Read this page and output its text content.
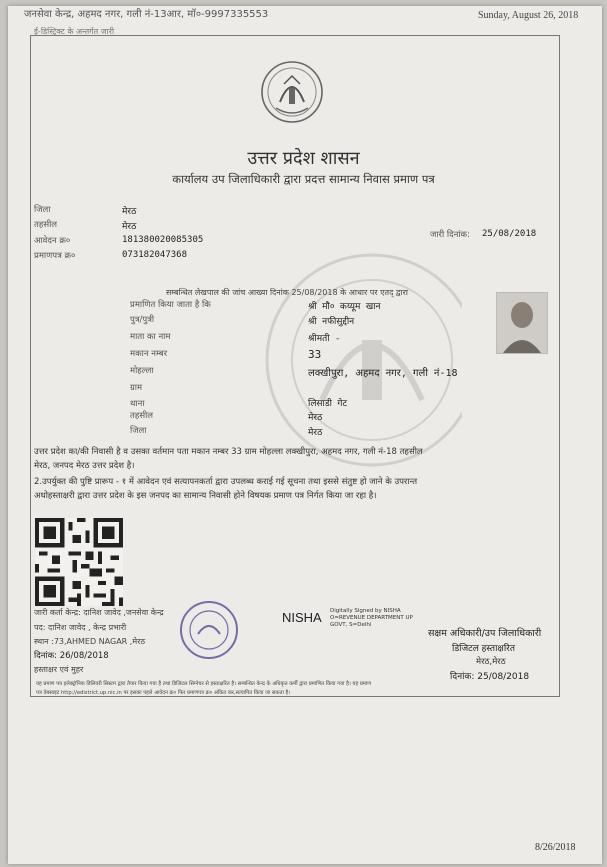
जनसेवा केन्द्र, अहमद नगर, गली नं-13आर, मॉ०-9997335553	Sunday, August 26, 2018
ई-डिस्ट्रिक्ट के अन्तर्गत जारी
उत्तर प्रदेश शासन
कार्यालय उप जिलाधिकारी द्वारा प्रदत्त सामान्य निवास प्रमाण पत्र
जिला	मेरठ
तहसील	मेरठ
आवेदन क्र०	181380020085305
प्रमाणपत्र क्र०	073182047368
जारी दिनांक: 25/08/2018
सम्बन्धित लेखपाल की जांच आख्या दिनांक 25/08/2018 के आधार पर एतद् द्वारा
प्रमाणित किया जाता है कि	श्री मौ० कय्यूम खान
पुत्र/पुत्री	श्री नफीसुद्दीन
माता का नाम	श्रीमती -
मकान नम्बर	33
मोहल्ला	लक्खीपुरा, अहमद नगर, गली नं-18
ग्राम
थाना	लिसाडी गेट
तहसील	मेरठ
जिला	मेरठ
उत्तर प्रदेश का/की निवासी है व उसका वर्तमान पता मकान नम्बर 33 ग्राम मोहल्ला लक्खीपुरा, अहमद नगर, गली नं-18 तहसील
मेरठ, जनपद मेरठ उत्तर प्रदेश है।
2.उपर्युक्त की पुष्टि प्रारूप - १ में आवेदन एवं सत्यापनकर्ता द्वारा उपलब्ध कराई गई सूचना तथा इससे संतुष्ट हो जाने के उपरान्त
अधोहस्ताक्षरी द्वारा उत्तर प्रदेश के इस जनपद का सामान्य निवासी होने विषयक प्रमाण पत्र निर्गत किया जा रहा है।
जारी कर्ता केन्द्र: दानिश जावेद ,जनसेवा केन्द्र
पद: दानिश जावेद , केन्द्र प्रभारी
स्थान :73,AHMED NAGAR ,मेरठ
दिनांक: 26/08/2018
हस्ताक्षर एवं मुहर
NISHA Digitally Signed by NISHA
O=REVENUE DEPARTMENT UP
GOVT, S=Delhi
सक्षम अधिकारी/उप जिलाधिकारी
डिजिटल हस्ताक्षरित
मेरठ,मेरठ
दिनांक: 25/08/2018
यह प्रमाण पत्र इलेक्ट्रॉनिक डिलिवरी सिस्टम द्वारा तैयार किया गया है तथा डिजिटल सिग्नेचर से हस्ताक्षरित है। सम्बन्धित केन्द्र के अधिकृत कर्मी द्वारा प्रमाणित किया गया है। यह प्रमाण
पत्र वेबसाइट http://edistrict.up.nic.in पर इसका पहले आवेदन क्र० फिर प्रमाणपत्र क्र० अंकित कर,सत्यापित किया जा सकता है।
8/26/2018
